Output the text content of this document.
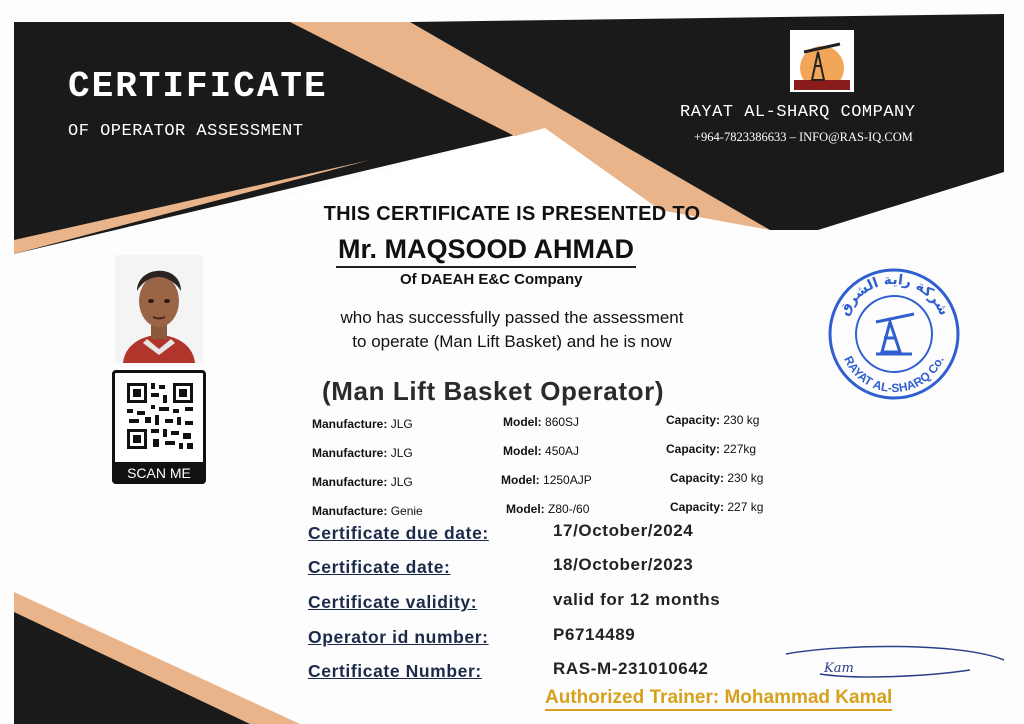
CERTIFICATE
OF OPERATOR ASSESSMENT
RAYAT AL-SHARQ COMPANY
+964-7823386633 – INFO@RAS-IQ.COM
SCAN ME
THIS CERTIFICATE IS PRESENTED TO
Mr. MAQSOOD AHMAD
Of DAEAH E&C Company
who has successfully passed the assessment
to operate (Man Lift Basket) and he is now
(Man Lift Basket Operator)
Manufacture: JLG	Model: 860SJ	Capacity: 230 kg
Manufacture: JLG	Model: 450AJ	Capacity: 227kg
Manufacture: JLG	Model: 1250AJP	Capacity: 230 kg
Manufacture: Genie	Model: Z80-/60	Capacity: 227 kg
Certificate due date:	17/October/2024
Certificate date:	18/October/2023
Certificate validity:	valid for 12 months
Operator id number:	P6714489
Certificate Number:	RAS-M-231010642
شركة راية الشرق
RAYAT AL-SHARQ Co.
Kam
Authorized Trainer: Mohammad Kamal
